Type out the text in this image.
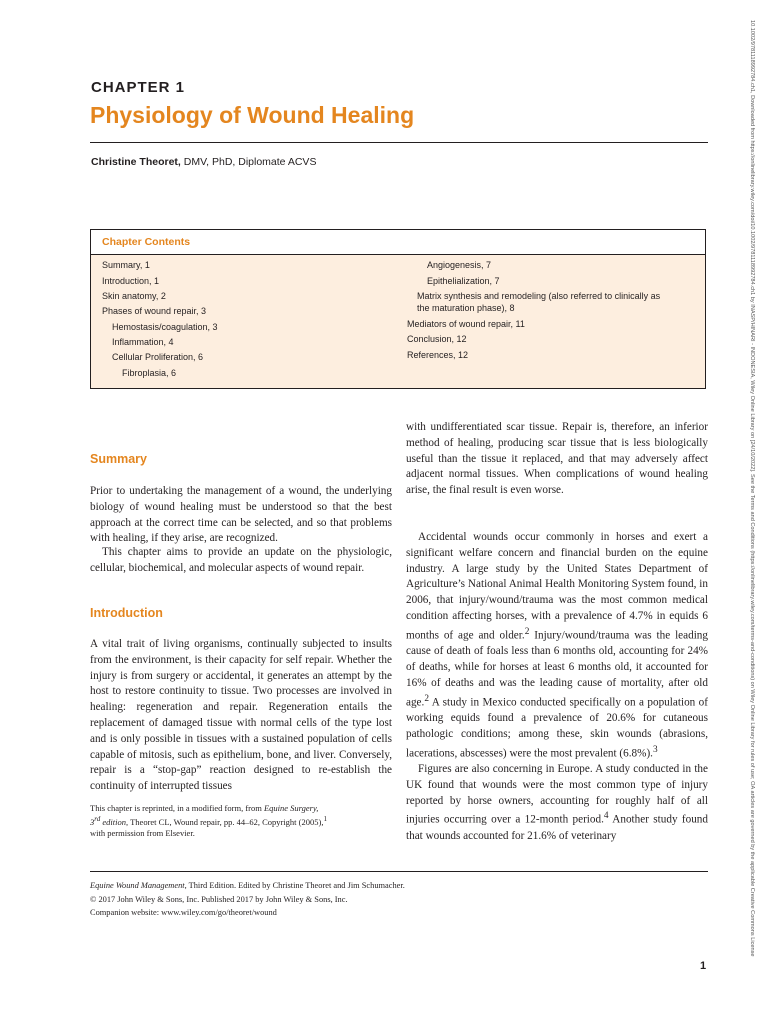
CHAPTER 1
Physiology of Wound Healing
Christine Theoret, DMV, PhD, Diplomate ACVS
Chapter Contents
Summary, 1
Introduction, 1
Skin anatomy, 2
Phases of wound repair, 3
Hemostasis/coagulation, 3
Inflammation, 4
Cellular Proliferation, 6
Fibroplasia, 6
Angiogenesis, 7
Epithelialization, 7
Matrix synthesis and remodeling (also referred to clinically as
the maturation phase), 8
Mediators of wound repair, 11
Conclusion, 12
References, 12
Summary

Prior to undertaking the management of a wound, the underlying biology of wound healing must be understood so that the best approach at the correct time can be selected, and so that problems with healing, if they arise, are recognized.

This chapter aims to provide an update on the physiologic, cellular, biochemical, and molecular aspects of wound repair.

Introduction

A vital trait of living organisms, continually subjected to insults from the environment, is their capacity for self repair. Whether the injury is from surgery or accidental, it generates an attempt by the host to restore continuity to tissue. Two processes are involved in healing: regeneration and repair. Regeneration entails the replacement of damaged tissue with normal cells of the type lost and is only possible in tissues with a sustained population of cells capable of mitosis, such as epithelium, bone, and liver. Conversely, repair is a “stop-gap” reaction designed to re-establish the continuity of interrupted tissues

This chapter is reprinted, in a modified form, from Equine Surgery,
3rd edition, Theoret CL, Wound repair, pp. 44–62, Copyright (2005),$^1$
with permission from Elsevier.

with undifferentiated scar tissue. Repair is, therefore, an inferior method of healing, producing scar tissue that is less biologically useful than the tissue it replaced, and that may adversely affect adjacent normal tissues. When complications of wound healing arise, the final result is even worse.

Accidental wounds occur commonly in horses and exert a significant welfare concern and financial burden on the equine industry. A large study by the United States Department of Agriculture’s National Animal Health Monitoring System found, in 2006, that injury/wound/trauma was the most common medical condition affecting horses, with a prevalence of 4.7% in equids 6 months of age and older.$^2$ Injury/wound/trauma was the leading cause of death of foals less than 6 months old, accounting for 24% of deaths, while for horses at least 6 months old, it accounted for 16% of deaths and was the leading cause of mortality, after old age.$^2$ A study in Mexico conducted specifically on a population of working equids found a prevalence of 20.6% for cutaneous pathologic conditions; among these, skin wounds (abrasions, lacerations, abscesses) were the most prevalent (6.8%).$^3$

Figures are also concerning in Europe. A study conducted in the UK found that wounds were the most common type of injury reported by horse owners, accounting for roughly half of all injuries occurring over a 12-month period.$^4$ Another study found that wounds accounted for 21.6% of veterinary

Equine Wound Management, Third Edition. Edited by Christine Theoret and Jim Schumacher.
© 2017 John Wiley & Sons, Inc. Published 2017 by John Wiley & Sons, Inc.
Companion website: www.wiley.com/go/theoret/wound
1
10.1002/9781118992784.ch1, Downloaded from https://onlinelibrary.wiley.com/doi/10.1002/9781118992784.ch1 by INASP/HINARI - INDONESIA, Wiley Online Library on [24/10/2022]. See the Terms and Conditions (https://onlinelibrary.wiley.com/terms-and-conditions) on Wiley Online Library for rules of use; OA articles are governed by the applicable Creative Commons License
